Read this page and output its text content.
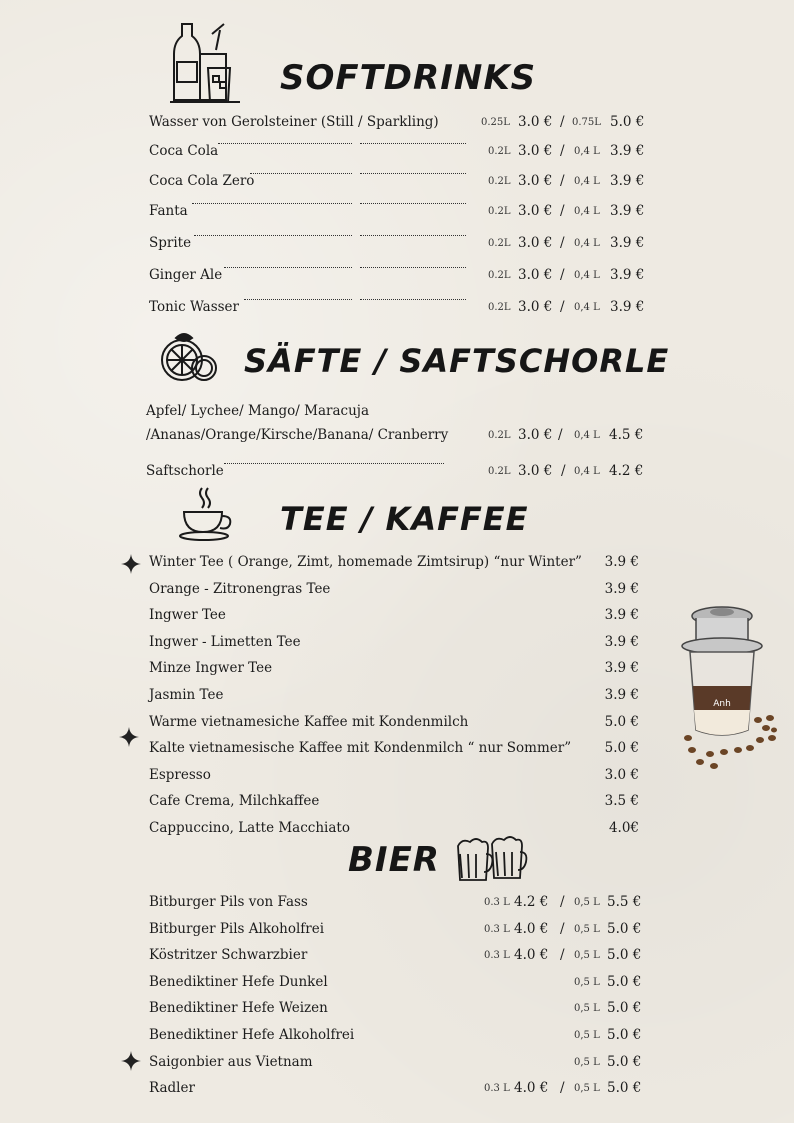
SOFTDRINKS
Wasser von Gerolsteiner (Still / Sparkling)	0.25L 3.0 € / 0.75L 5.0 €
Coca Cola	0.2L 3.0 € / 0,4 L 3.9 €
Coca Cola Zero	0.2L 3.0 € / 0,4 L 3.9 €
Fanta	0.2L 3.0 € / 0,4 L 3.9 €
Sprite	0.2L 3.0 € / 0,4 L 3.9 €
Ginger Ale	0.2L 3.0 € / 0,4 L 3.9 €
Tonic Wasser	0.2L 3.0 € / 0,4 L 3.9 €
SÄFTE / SAFTSCHORLE
Apfel/ Lychee/ Mango/ Maracuja
/Ananas/Orange/Kirsche/Banana/ Cranberry	0.2L 3.0 € / 0,4 L 4.5 €
Saftschorle	0.2L 3.0 € / 0,4 L 4.2 €
TEE / KAFFEE
Winter Tee ( Orange, Zimt, homemade Zimtsirup) “nur Winter” 3.9 €
Orange - Zitronengras Tee	3.9 €
Ingwer Tee	3.9 €
Ingwer - Limetten Tee	3.9 €
Minze Ingwer Tee	3.9 €
Jasmin Tee	3.9 €
Warme vietnamesiche Kaffee mit Kondenmilch	5.0 €
Kalte vietnamesische Kaffee mit Kondenmilch “ nur Sommer” 5.0 €
Espresso	3.0 €
Cafe Crema, Milchkaffee	3.5 €
Cappuccino, Latte Macchiato	4.0€
Anh
BIER
Bitburger Pils von Fass	0.3 L 4.2 € / 0,5 L 5.5 €
Bitburger Pils Alkoholfrei	0.3 L 4.0 € / 0,5 L 5.0 €
Köstritzer Schwarzbier	0.3 L 4.0 € / 0,5 L 5.0 €
Benediktiner Hefe Dunkel	0,5 L 5.0 €
Benediktiner Hefe Weizen	0,5 L 5.0 €
Benediktiner Hefe Alkoholfrei	0,5 L 5.0 €
Saigonbier aus Vietnam	0,5 L 5.0 €
Radler	0.3 L 4.0 € / 0,5 L 5.0 €
